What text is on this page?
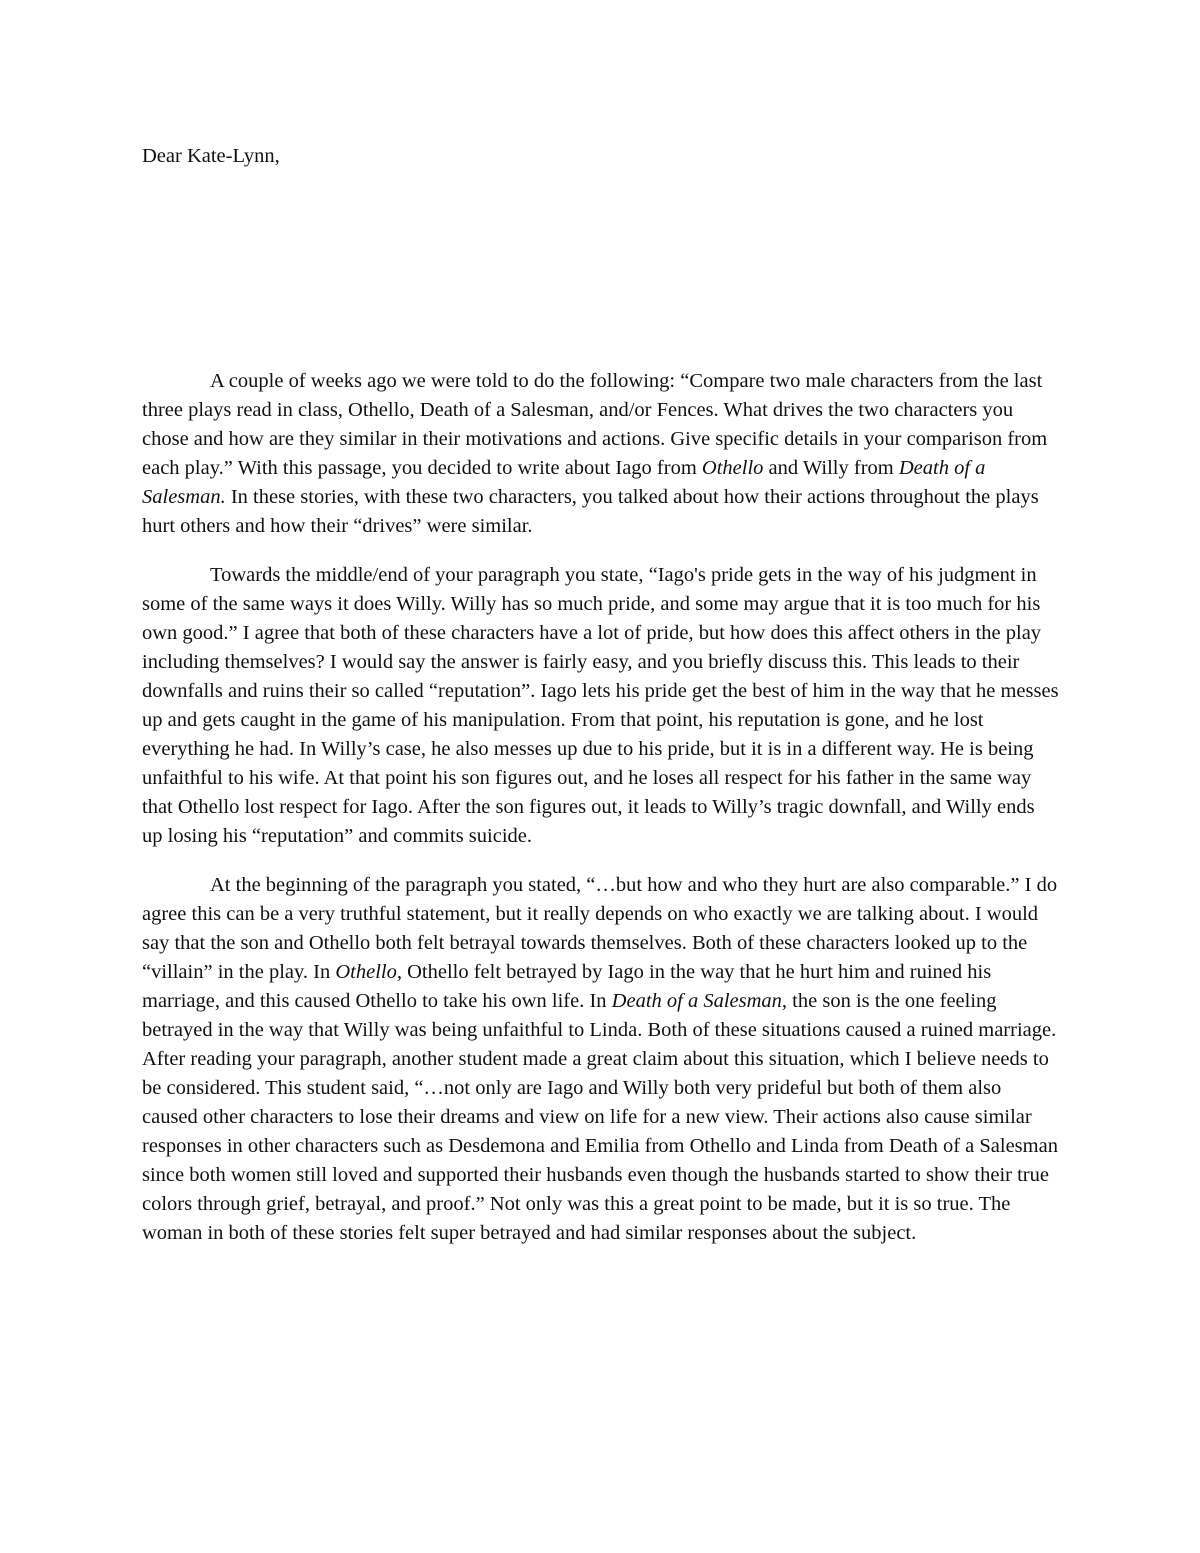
Dear Kate-Lynn,

A couple of weeks ago we were told to do the following: “Compare two male characters from the last three plays read in class, Othello, Death of a Salesman, and/or Fences. What drives the two characters you chose and how are they similar in their motivations and actions. Give specific details in your comparison from each play.” With this passage, you decided to write about Iago from Othello and Willy from Death of a Salesman. In these stories, with these two characters, you talked about how their actions throughout the plays hurt others and how their “drives” were similar.

Towards the middle/end of your paragraph you state, “Iago's pride gets in the way of his judgment in some of the same ways it does Willy. Willy has so much pride, and some may argue that it is too much for his own good.” I agree that both of these characters have a lot of pride, but how does this affect others in the play including themselves? I would say the answer is fairly easy, and you briefly discuss this. This leads to their downfalls and ruins their so called “reputation”. Iago lets his pride get the best of him in the way that he messes up and gets caught in the game of his manipulation. From that point, his reputation is gone, and he lost everything he had. In Willy’s case, he also messes up due to his pride, but it is in a different way. He is being unfaithful to his wife. At that point his son figures out, and he loses all respect for his father in the same way that Othello lost respect for Iago. After the son figures out, it leads to Willy’s tragic downfall, and Willy ends up losing his “reputation” and commits suicide.

At the beginning of the paragraph you stated, “…but how and who they hurt are also comparable.” I do agree this can be a very truthful statement, but it really depends on who exactly we are talking about. I would say that the son and Othello both felt betrayal towards themselves. Both of these characters looked up to the “villain” in the play. In Othello, Othello felt betrayed by Iago in the way that he hurt him and ruined his marriage, and this caused Othello to take his own life. In Death of a Salesman, the son is the one feeling betrayed in the way that Willy was being unfaithful to Linda. Both of these situations caused a ruined marriage. After reading your paragraph, another student made a great claim about this situation, which I believe needs to be considered. This student said, “…not only are Iago and Willy both very prideful but both of them also caused other characters to lose their dreams and view on life for a new view. Their actions also cause similar responses in other characters such as Desdemona and Emilia from Othello and Linda from Death of a Salesman since both women still loved and supported their husbands even though the husbands started to show their true colors through grief, betrayal, and proof.” Not only was this a great point to be made, but it is so true. The woman in both of these stories felt super betrayed and had similar responses about the subject.
